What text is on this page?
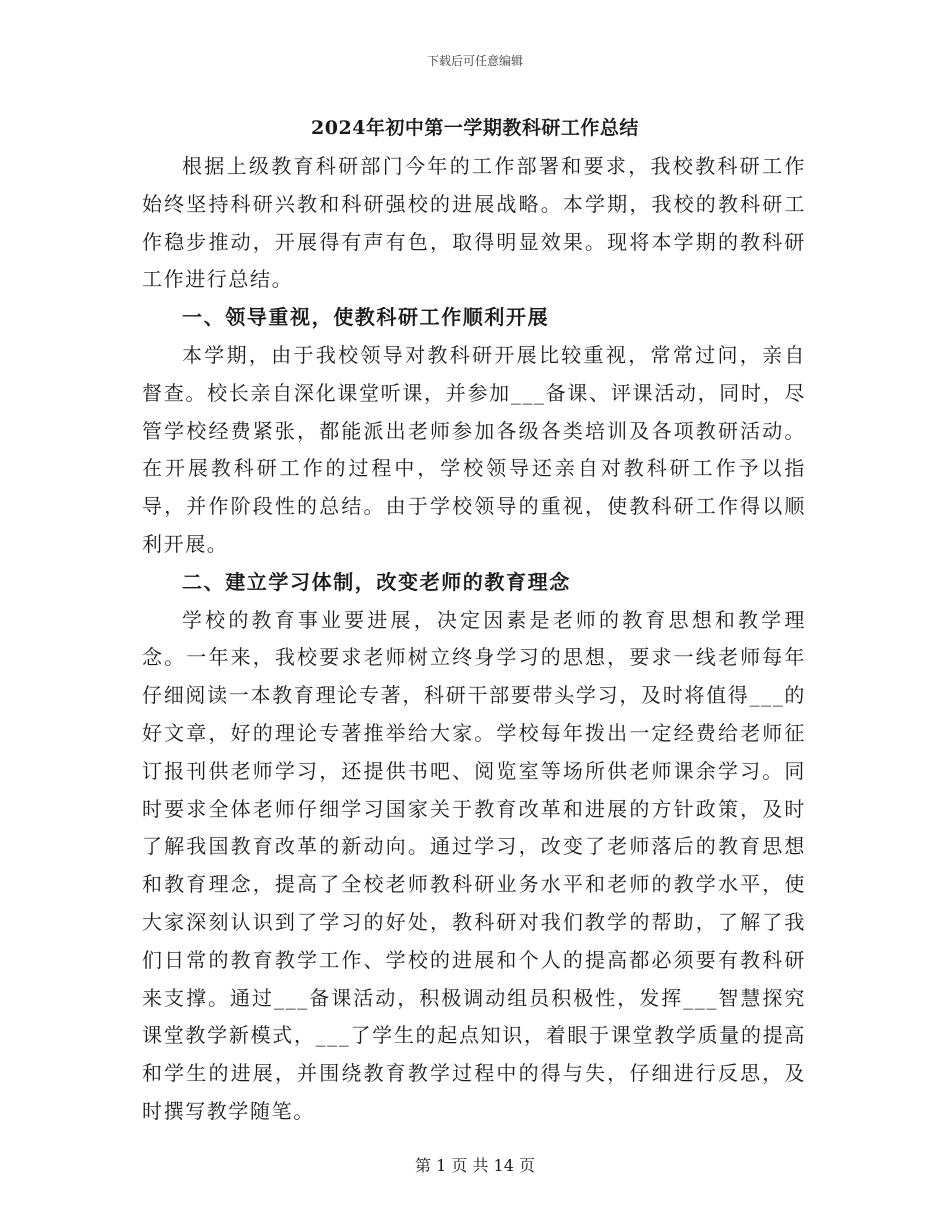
下载后可任意编辑
2024年初中第一学期教科研工作总结

根据上级教育科研部门今年的工作部署和要求，我校教科研工作始终坚持科研兴教和科研强校的进展战略。本学期，我校的教科研工作稳步推动，开展得有声有色，取得明显效果。现将本学期的教科研工作进行总结。

一、领导重视，使教科研工作顺利开展

本学期，由于我校领导对教科研开展比较重视，常常过问，亲自督查。校长亲自深化课堂听课，并参加___备课、评课活动，同时，尽管学校经费紧张，都能派出老师参加各级各类培训及各项教研活动。在开展教科研工作的过程中，学校领导还亲自对教科研工作予以指导，并作阶段性的总结。由于学校领导的重视，使教科研工作得以顺利开展。

二、建立学习体制，改变老师的教育理念

学校的教育事业要进展，决定因素是老师的教育思想和教学理念。一年来，我校要求老师树立终身学习的思想，要求一线老师每年仔细阅读一本教育理论专著，科研干部要带头学习，及时将值得___的好文章，好的理论专著推举给大家。学校每年拨出一定经费给老师征订报刊供老师学习，还提供书吧、阅览室等场所供老师课余学习。同时要求全体老师仔细学习国家关于教育改革和进展的方针政策，及时了解我国教育改革的新动向。通过学习，改变了老师落后的教育思想和教育理念，提高了全校老师教科研业务水平和老师的教学水平，使大家深刻认识到了学习的好处，教科研对我们教学的帮助，了解了我们日常的教育教学工作、学校的进展和个人的提高都必须要有教科研来支撑。通过___备课活动，积极调动组员积极性，发挥___智慧探究课堂教学新模式，___了学生的起点知识，着眼于课堂教学质量的提高和学生的进展，并围绕教育教学过程中的得与失，仔细进行反思，及时撰写教学随笔。

第 1 页 共 14 页
